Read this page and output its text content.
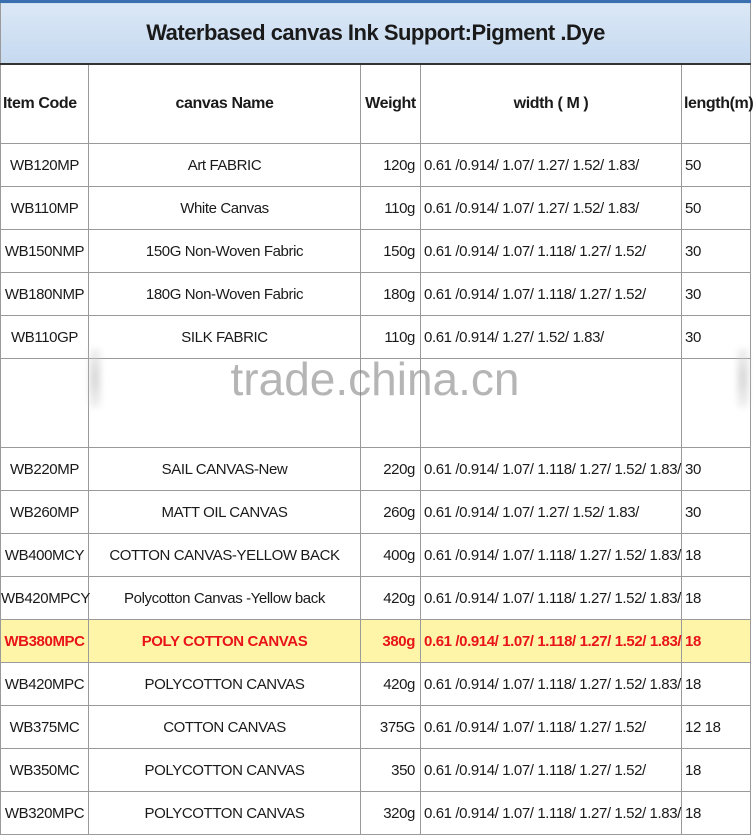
Waterbased canvas Ink Support:Pigment .Dye				
Item Code	canvas Name	Weight	width ( M )	length(m)
WB120MP	Art FABRIC	120g	0.61 /0.914/ 1.07/ 1.27/ 1.52/ 1.83/	50
WB110MP	White Canvas	110g	0.61 /0.914/ 1.07/ 1.27/ 1.52/ 1.83/	50
WB150NMP	150G Non-Woven Fabric	150g	0.61 /0.914/ 1.07/ 1.118/ 1.27/ 1.52/	30
WB180NMP	180G Non-Woven Fabric	180g	0.61 /0.914/ 1.07/ 1.118/ 1.27/ 1.52/	30
WB110GP	SILK FABRIC	110g	0.61 /0.914/ 1.27/ 1.52/ 1.83/	30

WB220MP	SAIL CANVAS-New	220g	0.61 /0.914/ 1.07/ 1.118/ 1.27/ 1.52/ 1.83/	30
WB260MP	MATT OIL CANVAS	260g	0.61 /0.914/ 1.07/ 1.27/ 1.52/ 1.83/	30
WB400MCY	COTTON CANVAS-YELLOW BACK	400g	0.61 /0.914/ 1.07/ 1.118/ 1.27/ 1.52/ 1.83/	18
WB420MPCY	Polycotton Canvas -Yellow back	420g	0.61 /0.914/ 1.07/ 1.118/ 1.27/ 1.52/ 1.83/	18
WB380MPC	POLY COTTON CANVAS	380g	0.61 /0.914/ 1.07/ 1.118/ 1.27/ 1.52/ 1.83/	18
WB420MPC	POLYCOTTON CANVAS	420g	0.61 /0.914/ 1.07/ 1.118/ 1.27/ 1.52/ 1.83/	18
WB375MC	COTTON CANVAS	375G	0.61 /0.914/ 1.07/ 1.118/ 1.27/ 1.52/	12 18
WB350MC	POLYCOTTON CANVAS	350	0.61 /0.914/ 1.07/ 1.118/ 1.27/ 1.52/	18
WB320MPC	POLYCOTTON CANVAS	320g	0.61 /0.914/ 1.07/ 1.118/ 1.27/ 1.52/ 1.83/	18
trade.china.cn
